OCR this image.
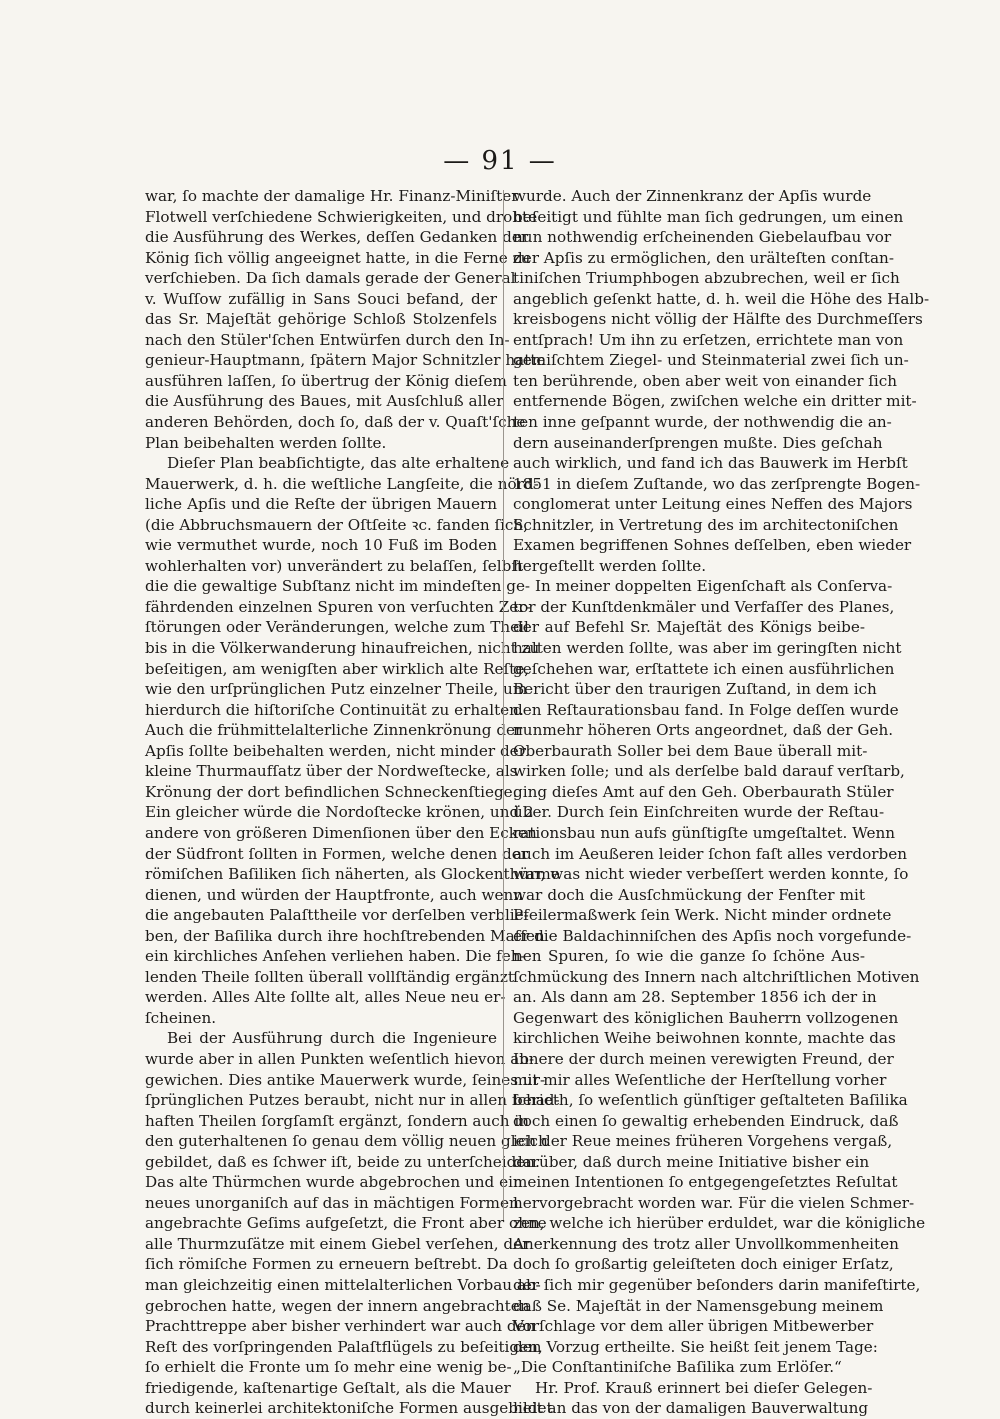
— 91 —
war, ſo machte der damalige Hr. Finanz-Miniſter
Flotwell verſchiedene Schwierigkeiten, und drohte
die Ausführung des Werkes, deſſen Gedanken der
König ſich völlig angeeignet hatte, in die Ferne zu
verſchieben. Da ſich damals gerade der General
v. Wuſſow zufällig in Sans Souci befand, der
das Sr. Majeſtät gehörige Schloß Stolzenfels
nach den Stüler'ſchen Entwürfen durch den In-
genieur-Hauptmann, ſpätern Major Schnitzler hatte
ausführen laſſen, ſo übertrug der König dieſem
die Ausführung des Baues, mit Ausſchluß aller
anderen Behörden, doch ſo, daß der v. Quaſt'ſche
Plan beibehalten werden ſollte.
Dieſer Plan beabſichtigte, das alte erhaltene
Mauerwerk, d. h. die weſtliche Langſeite, die nörd-
liche Apſis und die Reſte der übrigen Mauern
(die Abbruchsmauern der Oſtſeite ꝛc. fanden ſich,
wie vermuthet wurde, noch 10 Fuß im Boden
wohlerhalten vor) unverändert zu belaſſen, ſelbſt
die die gewaltige Subſtanz nicht im mindeſten ge-
fährdenden einzelnen Spuren von verſuchten Zer-
ſtörungen oder Veränderungen, welche zum Theil
bis in die Völkerwanderung hinaufreichen, nicht zu
beſeitigen, am wenigſten aber wirklich alte Reſte,
wie den urſprünglichen Putz einzelner Theile, um
hierdurch die hiſtoriſche Continuität zu erhalten.
Auch die frühmittelalterliche Zinnenkrönung der
Apſis ſollte beibehalten werden, nicht minder der
kleine Thurmaufſatz über der Nordweſtecke, als
Krönung der dort befindlichen Schneckenſtiege.
Ein gleicher würde die Nordoſtecke krönen, und 2
andere von größeren Dimenſionen über den Ecken
der Südfront ſollten in Formen, welche denen der
römiſchen Baſiliken ſich näherten, als Glockenthürme
dienen, und würden der Hauptfronte, auch wenn
die angebauten Palaſttheile vor derſelben verblie-
ben, der Baſilika durch ihre hochſtrebenden Maſſen
ein kirchliches Anſehen verliehen haben. Die feh-
lenden Theile ſollten überall vollſtändig ergänzt
werden. Alles Alte ſollte alt, alles Neue neu er-
ſcheinen.
Bei der Ausführung durch die Ingenieure
wurde aber in allen Punkten weſentlich hievon ab-
gewichen. Dies antike Mauerwerk wurde, ſeines ur-
ſprünglichen Putzes beraubt, nicht nur in allen ſchad-
haften Theilen ſorgſamſt ergänzt, ſondern auch in
den guterhaltenen ſo genau dem völlig neuen gleich
gebildet, daß es ſchwer iſt, beide zu unterſcheiden.
Das alte Thürmchen wurde abgebrochen und ein
neues unorganiſch auf das in mächtigen Formen
angebrachte Geſims aufgeſetzt, die Front aber ohne
alle Thurmzuſätze mit einem Giebel verſehen, der
ſich römiſche Formen zu erneuern beſtrebt. Da
man gleichzeitig einen mittelalterlichen Vorbau ab-
gebrochen hatte, wegen der innern angebrachten
Prachttreppe aber bisher verhindert war auch den
Reſt des vorſpringenden Palaſtflügels zu beſeitigen,
ſo erhielt die Fronte um ſo mehr eine wenig be-
friedigende, kaſtenartige Geſtalt, als die Mauer
durch keinerlei architektoniſche Formen ausgebildet
wurde. Auch der Zinnenkranz der Apſis wurde
beſeitigt und fühlte man ſich gedrungen, um einen
nun nothwendig erſcheinenden Giebelaufbau vor
der Apſis zu ermöglichen, den urälteſten conſtan-
tiniſchen Triumphbogen abzubrechen, weil er ſich
angeblich geſenkt hatte, d. h. weil die Höhe des Halb-
kreisbogens nicht völlig der Hälfte des Durchmeſſers
entſprach! Um ihn zu erſetzen, errichtete man von
gemiſchtem Ziegel- und Steinmaterial zwei ſich un-
ten berührende, oben aber weit von einander ſich
entfernende Bögen, zwiſchen welche ein dritter mit-
ten inne geſpannt wurde, der nothwendig die an-
dern auseinanderſprengen mußte. Dies geſchah
auch wirklich, und fand ich das Bauwerk im Herbſt
1851 in dieſem Zuſtande, wo das zerſprengte Bogen-
conglomerat unter Leitung eines Neffen des Majors
Schnitzler, in Vertretung des im architectoniſchen
Examen begriffenen Sohnes deſſelben, eben wieder
hergeſtellt werden ſollte.
In meiner doppelten Eigenſchaft als Conſerva-
tor der Kunſtdenkmäler und Verfaſſer des Planes,
der auf Befehl Sr. Majeſtät des Königs beibe-
halten werden ſollte, was aber im geringſten nicht
geſchehen war, erſtattete ich einen ausführlichen
Bericht über den traurigen Zuſtand, in dem ich
den Reſtaurationsbau fand. In Folge deſſen wurde
nunmehr höheren Orts angeordnet, daß der Geh.
Oberbaurath Soller bei dem Baue überall mit-
wirken ſolle; und als derſelbe bald darauf verſtarb,
ging dieſes Amt auf den Geh. Oberbaurath Stüler
über. Durch ſein Einſchreiten wurde der Reſtau-
rationsbau nun aufs günſtigſte umgeſtaltet. Wenn
auch im Aeußeren leider ſchon faſt alles verdorben
war, was nicht wieder verbeſſert werden konnte, ſo
war doch die Ausſchmückung der Fenſter mit
Pfeilermaßwerk ſein Werk. Nicht minder ordnete
er die Baldachinniſchen des Apſis noch vorgefunde-
nen Spuren, ſo wie die ganze ſo ſchöne Aus-
ſchmückung des Innern nach altchriſtlichen Motiven
an. Als dann am 28. September 1856 ich der in
Gegenwart des königlichen Bauherrn vollzogenen
kirchlichen Weihe beiwohnen konnte, machte das
Innere der durch meinen verewigten Freund, der
mit mir alles Weſentliche der Herſtellung vorher
berieth, ſo weſentlich günſtiger geſtalteten Baſilika
doch einen ſo gewaltig erhebenden Eindruck, daß
ich der Reue meines früheren Vorgehens vergaß,
darüber, daß durch meine Initiative bisher ein
meinen Intentionen ſo entgegengeſetztes Reſultat
hervorgebracht worden war. Für die vielen Schmer-
zen, welche ich hierüber erduldet, war die königliche
Anerkennung des trotz aller Unvollkommenheiten
doch ſo großartig geleiſteten doch einiger Erſatz,
der ſich mir gegenüber beſonders darin manifeſtirte,
daß Se. Majeſtät in der Namensgebung meinem
Vorſchlage vor dem aller übrigen Mitbewerber
den Vorzug ertheilte. Sie heißt ſeit jenem Tage:
„Die Conſtantiniſche Baſilika zum Erlöſer.“
Hr. Prof. Krauß erinnert bei dieſer Gelegen-
heit an das von der damaligen Bauverwaltung
